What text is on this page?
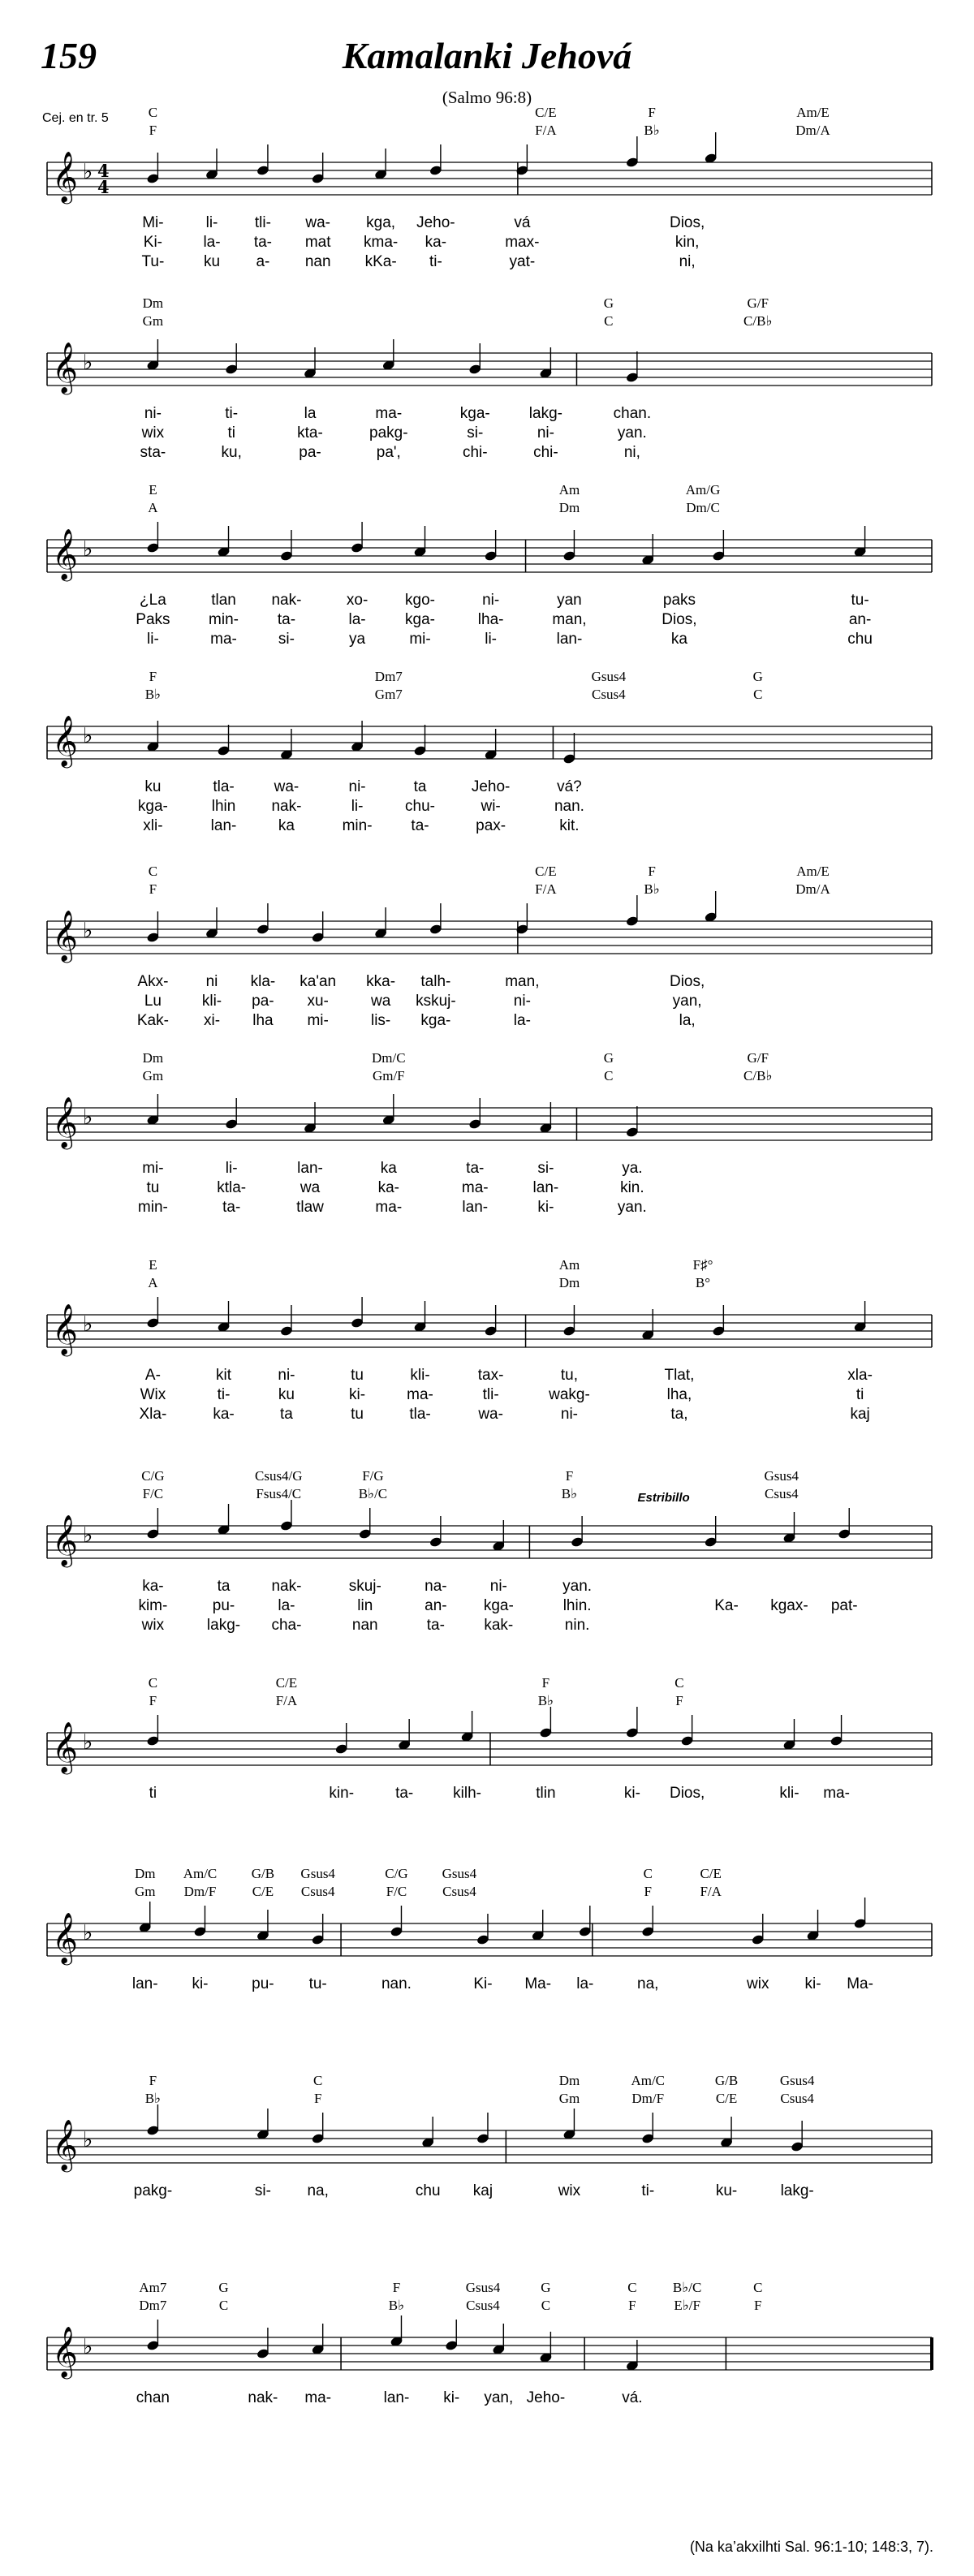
𝄞 ♭ 4
4
C
F
C/E
F/A
F
B♭
Am/E
Dm/A
Mi-	li- tli- wa- kga, Jeho-	vá	Dios,
Ki-	la- ta- mat kma- ka-	max-	kin,
Tu-	ku a- nan kKa- ti-	yat-	ni,
𝄞 ♭
Dm
Gm
G
C
G/F
C/B♭
ni-	ti-	la	ma-	kga-	lakg-	chan.
wix	ti	kta-	pakg-	si-	ni-	yan.
sta-	ku,	pa-	pa',	chi-	chi-	ni,
𝄞 ♭
E
A
Am
Dm
Am/G
Dm/C
¿La	tlan nak-	xo- kgo-	ni-	yan	paks	tu-
Paks	min-	ta-	la-	kga-	lha-	man,	Dios,	an-
li-	ma-	si-	ya	mi-	li-	lan-	ka	chu
𝄞 ♭
F
B♭
Dm7
Gm7
Gsus4
Csus4
G
C
ku	tla-	wa-	ni-	ta	Jeho-	vá?
kga-	lhin nak-	li-	chu-	wi-	nan.
xli-	lan-	ka	min-	ta-	pax-	kit.
𝄞 ♭
C
F
C/E
F/A
F
B♭
Am/E
Dm/A
Akx- ni kla- ka'an kka- talh-	man,	Dios,
Lu	kli- pa- xu-	wa kskuj-	ni-	yan,
Kak- xi- lha mi-	lis- kga-	la-	la,
𝄞 ♭
Dm
Gm
Dm/C
Gm/F
G
C
G/F
C/B♭
mi-	li-	lan-	ka	ta-	si-	ya.
tu	ktla-	wa	ka-	ma-	lan-	kin.
min-	ta-	tlaw	ma-	lan-	ki-	yan.
𝄞 ♭
E
A
Am
Dm
F♯°
B°
A-	kit	ni-	tu	kli-	tax-	tu,	Tlat,	xla-
Wix	ti-	ku	ki-	ma-	tli-	wakg-	lha,	ti
Xla-	ka-	ta	tu	tla-	wa-	ni-	ta,	kaj
𝄞 ♭
C/G
F/C
Csus4/G
Fsus4/C
F/G
B♭/C
F
B♭
Gsus4
Csus4
ka-	ta	nak-	skuj-	na-	ni-	yan.
kim-	pu-	la-	lin	an- kga-	lhin.	Ka- kgax- pat-
wix	lakg- cha-	nan	ta-	kak-	nin.
Estribillo
𝄞 ♭
C
F
C/E
F/A
F
B♭
C
F
ti	kin-	ta-	kilh-	tlin	ki- Dios,	kli- ma-
𝄞 ♭
Dm
Gm
Am/C
Dm/F
G/B
C/E
Gsus4
Csus4
C/G
F/C
Gsus4
Csus4
C
F
C/E
F/A
lan- ki-	pu- tu-	nan.	Ki- Ma- la-	na,	wix ki- Ma-
𝄞 ♭
F
B♭
C
F
Dm
Gm
Am/C
Dm/F
G/B
C/E
Gsus4
Csus4
pakg-	si- na,	chu kaj	wix	ti-	ku-	lakg-
𝄞 ♭
Am7
Dm7
G
C
F
B♭
Gsus4
Csus4
G
C
C
F
B♭/C
E♭/F
C
F
chan	nak- ma-	lan- ki- yan, Jeho-	vá.
159	Kamalanki Jehová
(Salmo 96:8)
Cej. en tr. 5
(Na ka’akxilhti Sal. 96:1-10; 148:3, 7).
